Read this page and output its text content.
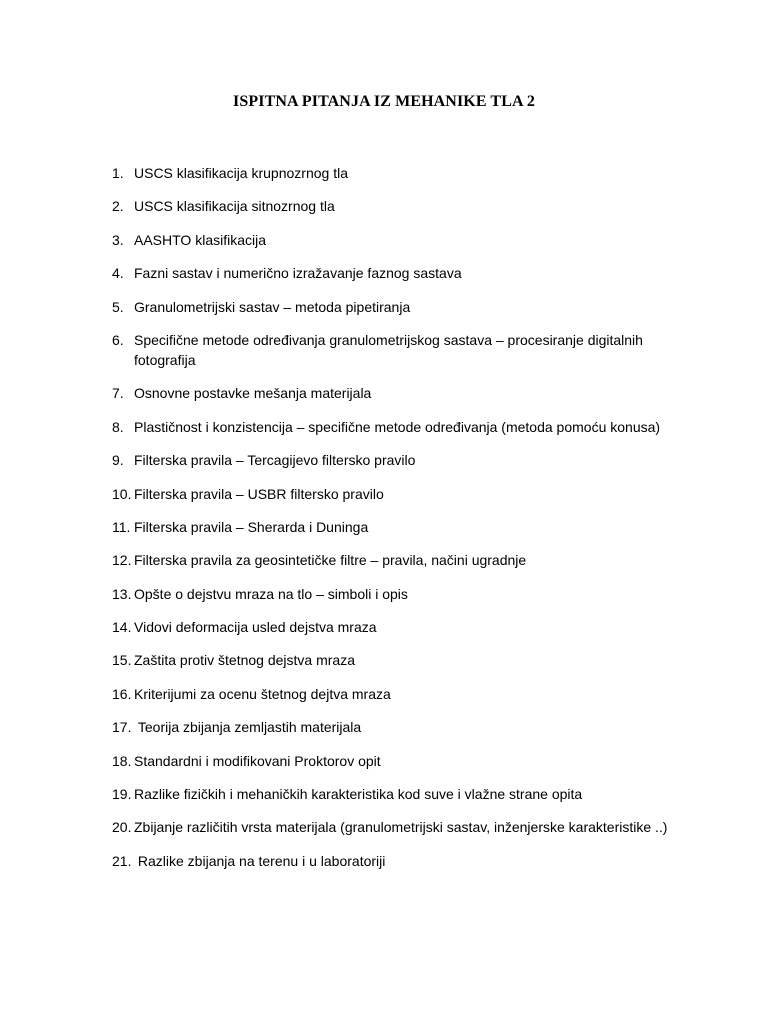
ISPITNA PITANJA IZ MEHANIKE TLA 2
1. USCS klasifikacija krupnozrnog tla
2. USCS klasifikacija sitnozrnog tla
3. AASHTO klasifikacija
4. Fazni sastav i numerično izražavanje faznog sastava
5. Granulometrijski sastav – metoda pipetiranja
6. Specifične metode određivanja granulometrijskog sastava – procesiranje digitalnih fotografija
7. Osnovne postavke mešanja materijala
8. Plastičnost i konzistencija – specifične metode određivanja (metoda pomoću konusa)
9. Filterska pravila – Tercagijevo filtersko pravilo
10. Filterska pravila – USBR filtersko pravilo
11. Filterska pravila – Sherarda i Duninga
12. Filterska pravila za geosintetičke filtre – pravila, načini ugradnje
13. Opšte o dejstvu mraza na tlo – simboli i opis
14. Vidovi deformacija usled dejstva mraza
15. Zaštita protiv štetnog dejstva mraza
16. Kriterijumi za ocenu štetnog dejtva mraza
17. Teorija zbijanja zemljastih materijala
18. Standardni i modifikovani Proktorov opit
19. Razlike fizičkih i mehaničkih karakteristika kod suve i vlažne strane opita
20. Zbijanje različitih vrsta materijala (granulometrijski sastav, inženjerske karakteristike ..)
21. Razlike zbijanja na terenu i u laboratoriji
